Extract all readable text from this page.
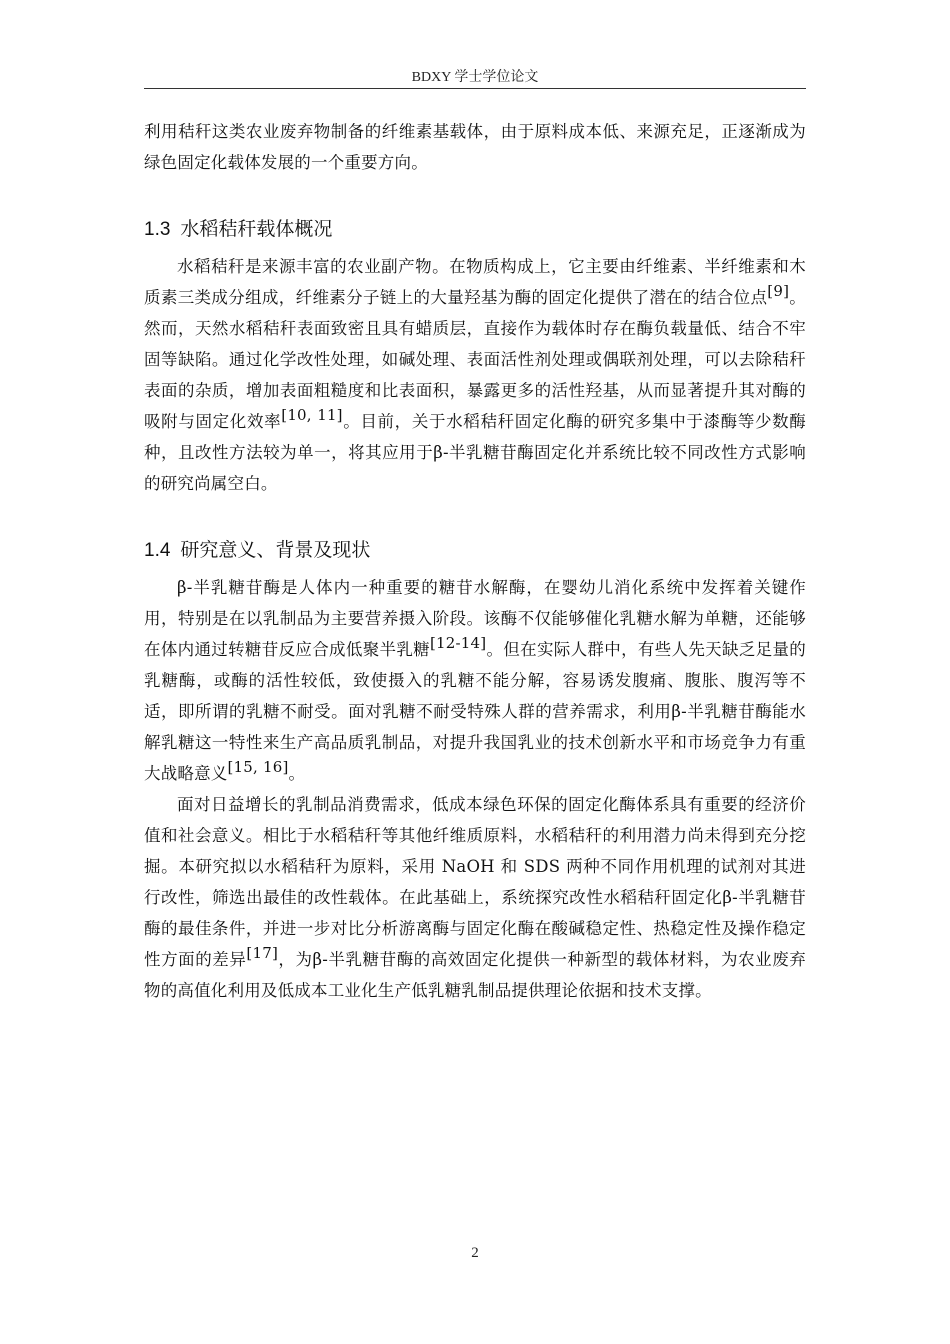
BDXY 学士学位论文

利用秸秆这类农业废弃物制备的纤维素基载体，由于原料成本低、来源充足，正逐渐成为绿色固定化载体发展的一个重要方向。

1.3 水稻秸秆载体概况

水稻秸秆是来源丰富的农业副产物。在物质构成上，它主要由纤维素、半纤维素和木质素三类成分组成，纤维素分子链上的大量羟基为酶的固定化提供了潜在的结合位点[9]。然而，天然水稻秸秆表面致密且具有蜡质层，直接作为载体时存在酶负载量低、结合不牢固等缺陷。通过化学改性处理，如碱处理、表面活性剂处理或偶联剂处理，可以去除秸秆表面的杂质，增加表面粗糙度和比表面积，暴露更多的活性羟基，从而显著提升其对酶的吸附与固定化效率[10, 11]。目前，关于水稻秸秆固定化酶的研究多集中于漆酶等少数酶种，且改性方法较为单一，将其应用于β-半乳糖苷酶固定化并系统比较不同改性方式影响的研究尚属空白。

1.4 研究意义、背景及现状

β-半乳糖苷酶是人体内一种重要的糖苷水解酶，在婴幼儿消化系统中发挥着关键作用，特别是在以乳制品为主要营养摄入阶段。该酶不仅能够催化乳糖水解为单糖，还能够在体内通过转糖苷反应合成低聚半乳糖[12-14]。但在实际人群中，有些人先天缺乏足量的乳糖酶，或酶的活性较低，致使摄入的乳糖不能分解，容易诱发腹痛、腹胀、腹泻等不适，即所谓的乳糖不耐受。面对乳糖不耐受特殊人群的营养需求，利用β-半乳糖苷酶能水解乳糖这一特性来生产高品质乳制品，对提升我国乳业的技术创新水平和市场竞争力有重大战略意义[15, 16]。

面对日益增长的乳制品消费需求，低成本绿色环保的固定化酶体系具有重要的经济价值和社会意义。相比于水稻秸秆等其他纤维质原料，水稻秸秆的利用潜力尚未得到充分挖掘。本研究拟以水稻秸秆为原料，采用 NaOH 和 SDS 两种不同作用机理的试剂对其进行改性，筛选出最佳的改性载体。在此基础上，系统探究改性水稻秸秆固定化β-半乳糖苷酶的最佳条件，并进一步对比分析游离酶与固定化酶在酸碱稳定性、热稳定性及操作稳定性方面的差异[17]，为β-半乳糖苷酶的高效固定化提供一种新型的载体材料，为农业废弃物的高值化利用及低成本工业化生产低乳糖乳制品提供理论依据和技术支撑。

2
